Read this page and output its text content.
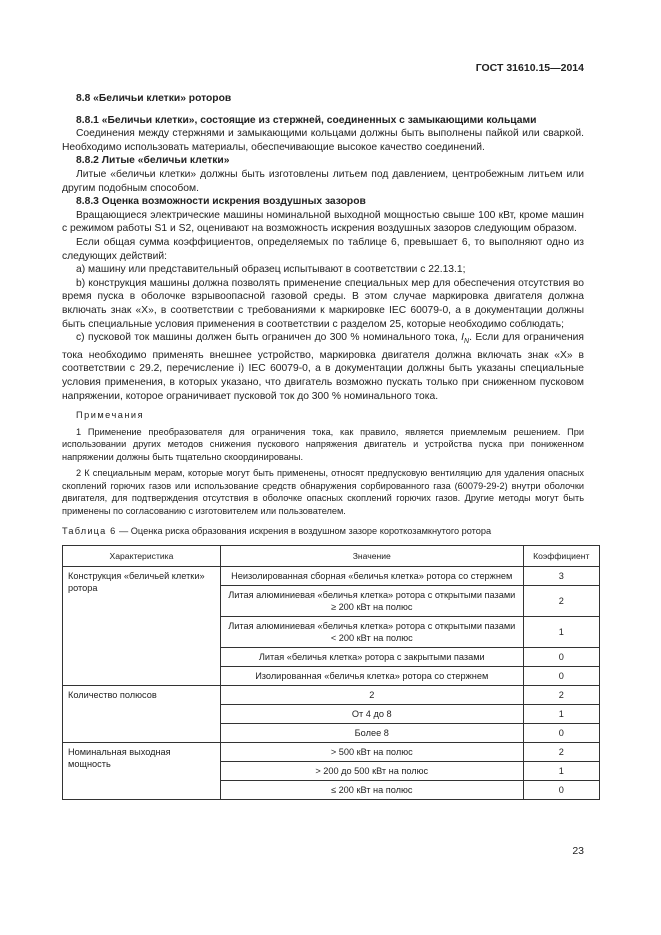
ГОСТ 31610.15—2014
8.8 «Беличьи клетки» роторов
8.8.1 «Беличьи клетки», состоящие из стержней, соединенных с замыкающими кольцами

Соединения между стержнями и замыкающими кольцами должны быть выполнены пайкой или сваркой. Необходимо использовать материалы, обеспечивающие высокое качество соединений.

8.8.2 Литые «беличьи клетки»

Литые «беличьи клетки» должны быть изготовлены литьем под давлением, центробежным литьем или другим подобным способом.

8.8.3 Оценка возможности искрения воздушных зазоров

Вращающиеся электрические машины номинальной выходной мощностью свыше 100 кВт, кроме машин с режимом работы S1 и S2, оценивают на возможность искрения воздушных зазоров следующим образом.

Если общая сумма коэффициентов, определяемых по таблице 6, превышает 6, то выполняют одно из следующих действий:

a) машину или представительный образец испытывают в соответствии с 22.13.1;

b) конструкция машины должна позволять применение специальных мер для обеспечения отсутствия во время пуска в оболочке взрывоопасной газовой среды. В этом случае маркировка двигателя должна включать знак «X», в соответствии с требованиями к маркировке IEC 60079-0, а в документации должны быть специальные условия применения в соответствии с разделом 25, которые необходимо соблюдать;

c) пусковой ток машины должен быть ограничен до 300 % номинального тока, $I_N$. Если для ограничения тока необходимо применять внешнее устройство, маркировка двигателя должна включать знак «X» в соответствии с 29.2, перечисление i) IEC 60079-0, а в документации должны быть указаны специальные условия применения, в которых указано, что двигатель возможно пускать только при сниженном пусковом напряжении, которое ограничивает пусковой ток до 300 % номинального тока.

Примечания

1 Применение преобразователя для ограничения тока, как правило, является приемлемым решением. При использовании других методов снижения пускового напряжения двигатель и устройства пуска при пониженном напряжении должны быть тщательно скоординированы.

2 К специальным мерам, которые могут быть применены, относят предпусковую вентиляцию для удаления опасных скоплений горючих газов или использование средств обнаружения сорбированного газа (60079-29-2) внутри оболочки двигателя, для подтверждения отсутствия в оболочке опасных скоплений горючих газов. Другие методы могут быть применены по согласованию с изготовителем или пользователем.

Таблица 6 — Оценка риска образования искрения в воздушном зазоре короткозамкнутого ротора
Характеристика	Значение	Коэффициент
Конструкция «беличьей клетки» ротора	Неизолированная сборная «беличья клетка» ротора со стержнем	3
	Литая алюминиевая «беличья клетка» ротора с открытыми пазами ≥ 200 кВт на полюс	2
	Литая алюминиевая «беличья клетка» ротора с открытыми пазами < 200 кВт на полюс	1
	Литая «беличья клетка» ротора с закрытыми пазами	0
	Изолированная «беличья клетка» ротора со стержнем	0
Количество полюсов	2	2
	От 4 до 8	1
	Более 8	0
Номинальная выходная мощность	> 500 кВт на полюс	2
	> 200 до 500 кВт на полюс	1
	≤ 200 кВт на полюс	0
23
